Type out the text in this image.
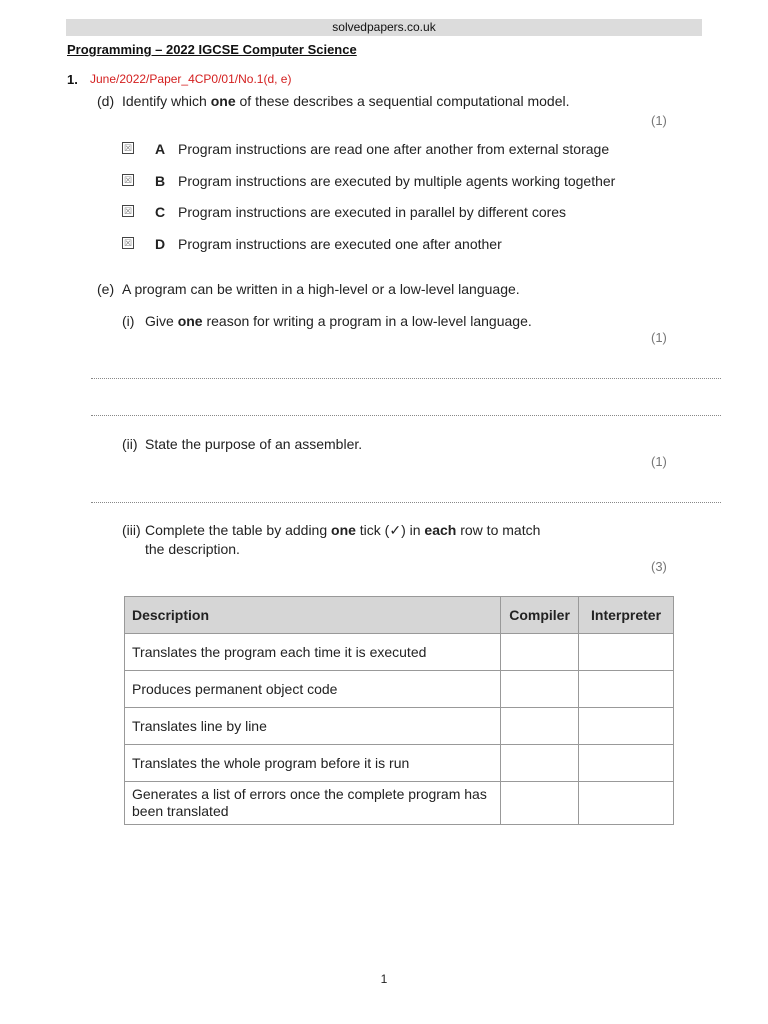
solvedpapers.co.uk
Programming – 2022 IGCSE Computer Science
1. June/2022/Paper_4CP0/01/No.1(d, e)
(d) Identify which one of these describes a sequential computational model.
(1)
☒ A Program instructions are read one after another from external storage
☒ B Program instructions are executed by multiple agents working together
☒ C Program instructions are executed in parallel by different cores
☒ D Program instructions are executed one after another
(e) A program can be written in a high-level or a low-level language.
(i) Give one reason for writing a program in a low-level language.
(1)
(ii) State the purpose of an assembler.
(1)
(iii) Complete the table by adding one tick (✓) in each row to match
the description.
(3)
Description	Compiler	Interpreter
Translates the program each time it is executed		
Produces permanent object code		
Translates line by line		
Translates the whole program before it is run		
Generates a list of errors once the complete program has been translated		
1
